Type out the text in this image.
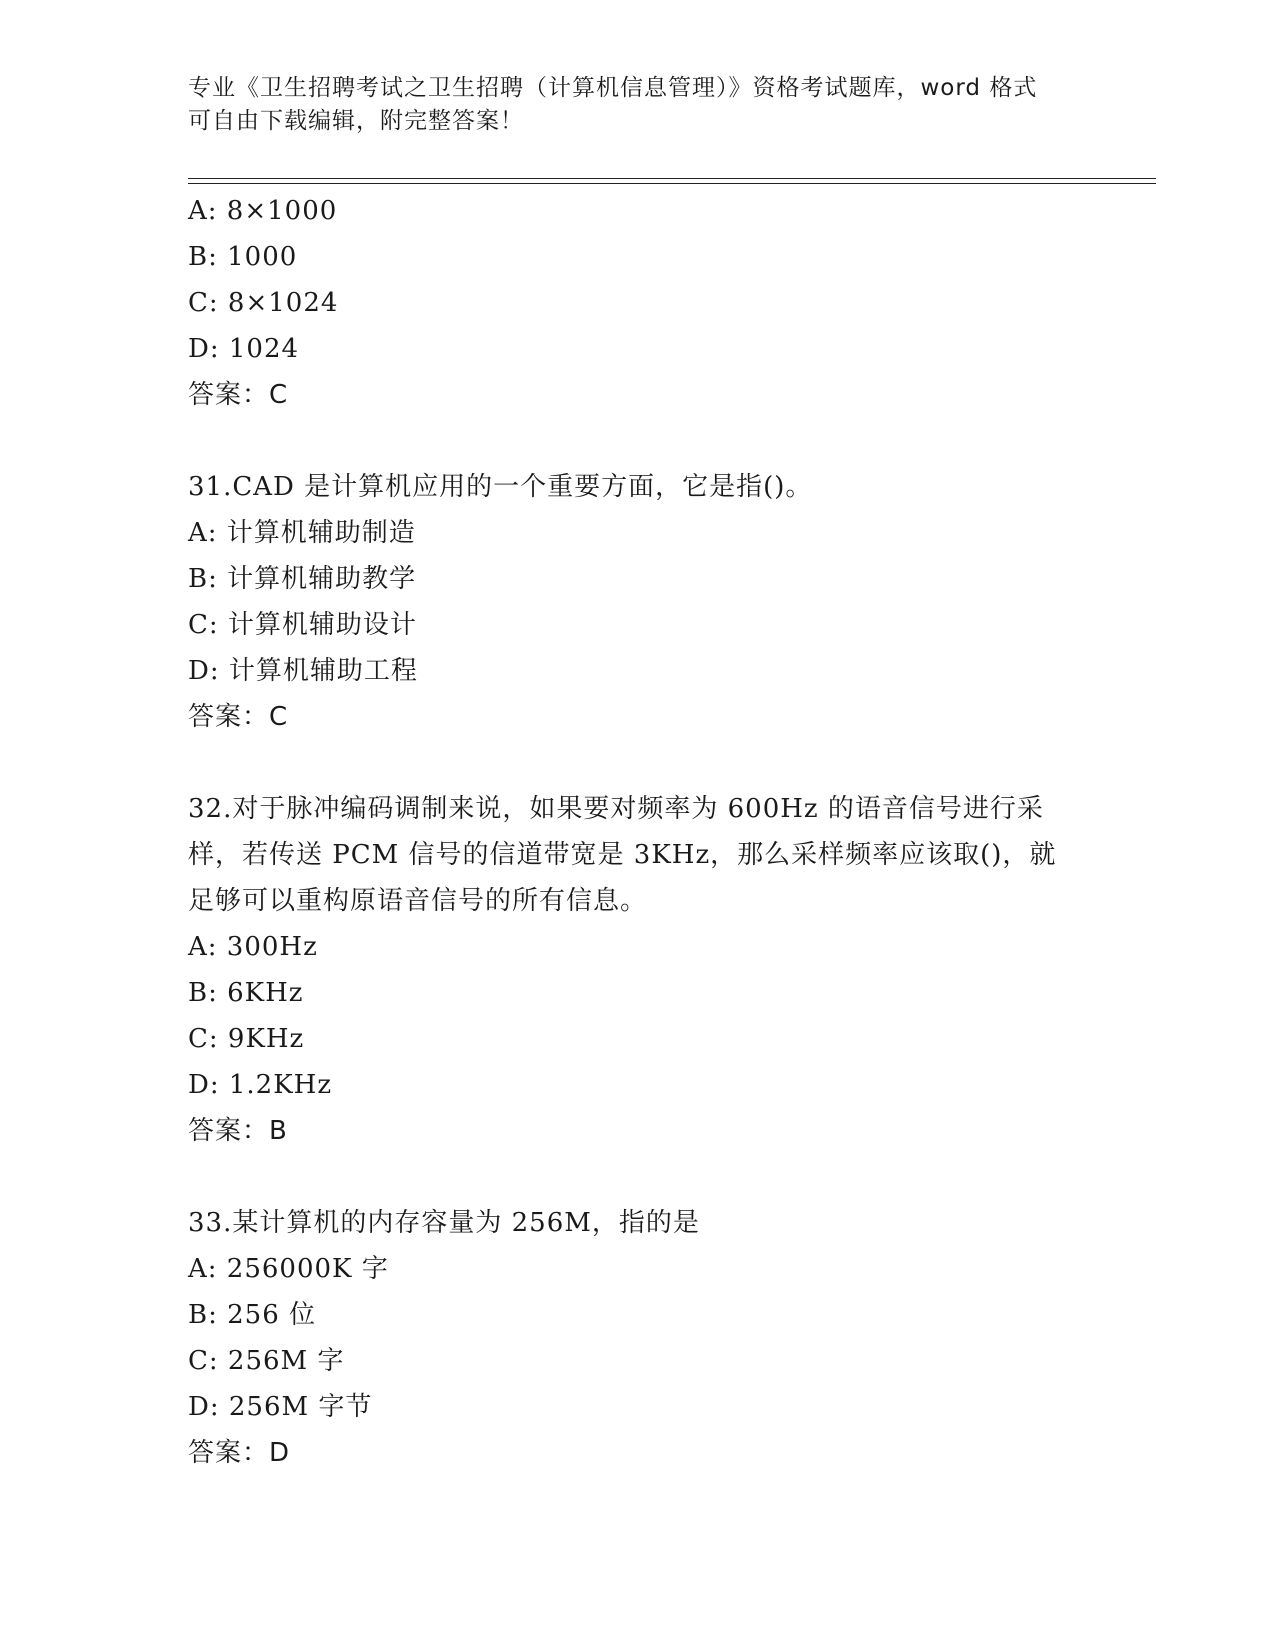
专业《卫生招聘考试之卫生招聘（计算机信息管理）》资格考试题库，word 格式
可自由下载编辑，附完整答案！
A: 8×1000
B: 1000
C: 8×1024
D: 1024
答案：C
31.CAD 是计算机应用的一个重要方面，它是指()。
A: 计算机辅助制造
B: 计算机辅助教学
C: 计算机辅助设计
D: 计算机辅助工程
答案：C
32.对于脉冲编码调制来说，如果要对频率为 600Hz 的语音信号进行采
样，若传送 PCM 信号的信道带宽是 3KHz，那么采样频率应该取()，就
足够可以重构原语音信号的所有信息。
A: 300Hz
B: 6KHz
C: 9KHz
D: 1.2KHz
答案：B
33.某计算机的内存容量为 256M，指的是
A: 256000K 字
B: 256 位
C: 256M 字
D: 256M 字节
答案：D
